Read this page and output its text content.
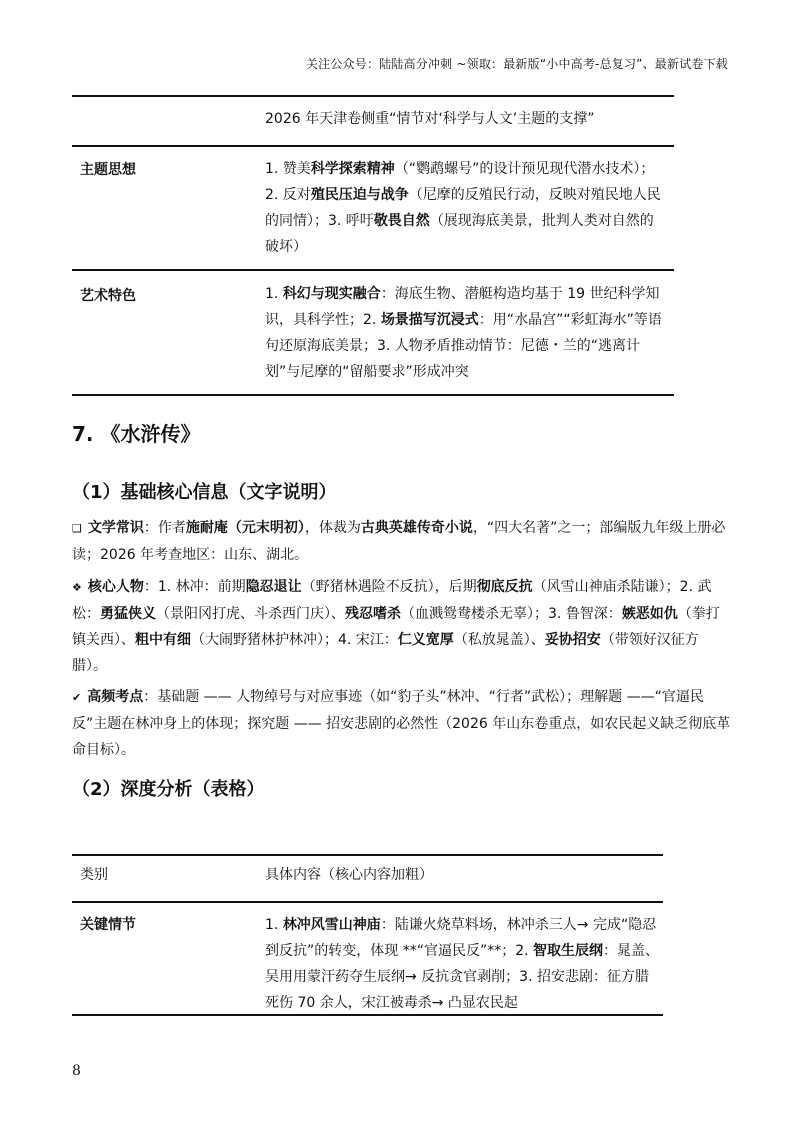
关注公众号：陆陆高分冲刺 ~领取：最新版“小中高考-总复习”、最新试卷下载
2026 年天津卷侧重“情节对‘科学与人文’主题的支撑”
主题思想	1. 赞美科学探索精神（“鹦鹉螺号”的设计预见现代潜水技术）；2. 反对殖民压迫与战争（尼摩的反殖民行动，反映对殖民地人民的同情）；3. 呼吁敬畏自然（展现海底美景，批判人类对自然的破坏）
艺术特色	1. 科幻与现实融合：海底生物、潜艇构造均基于 19 世纪科学知识，具科学性；2. 场景描写沉浸式：用“水晶宫”“彩虹海水”等语句还原海底美景；3. 人物矛盾推动情节：尼德・兰的“逃离计划”与尼摩的“留船要求”形成冲突
7. 《水浒传》
（1）基础核心信息（文字说明）
❑ 文学常识：作者施耐庵（元末明初），体裁为古典英雄传奇小说，“四大名著”之一；部编版九年级上册必读；2026 年考查地区：山东、湖北。
❖ 核心人物：1. 林冲：前期隐忍退让（野猪林遇险不反抗），后期彻底反抗（风雪山神庙杀陆谦）；2. 武松：勇猛侠义（景阳冈打虎、斗杀西门庆）、残忍嗜杀（血溅鸳鸯楼杀无辜）；3. 鲁智深：嫉恶如仇（拳打镇关西）、粗中有细（大闹野猪林护林冲）；4. 宋江：仁义宽厚（私放晁盖）、妥协招安（带领好汉征方腊）。
✔ 高频考点：基础题 —— 人物绰号与对应事迹（如“豹子头”林冲、“行者”武松）；理解题 ——“官逼民反”主题在林冲身上的体现；探究题 —— 招安悲剧的必然性（2026 年山东卷重点，如农民起义缺乏彻底革命目标）。
（2）深度分析（表格）
类别	具体内容（核心内容加粗）
关键情节	1. 林冲风雪山神庙：陆谦火烧草料场，林冲杀三人→ 完成“隐忍到反抗”的转变，体现 **“官逼民反”**；2. 智取生辰纲：晁盖、吴用用蒙汗药夺生辰纲→ 反抗贪官剥削；3. 招安悲剧：征方腊死伤 70 余人，宋江被毒杀→ 凸显农民起
8
